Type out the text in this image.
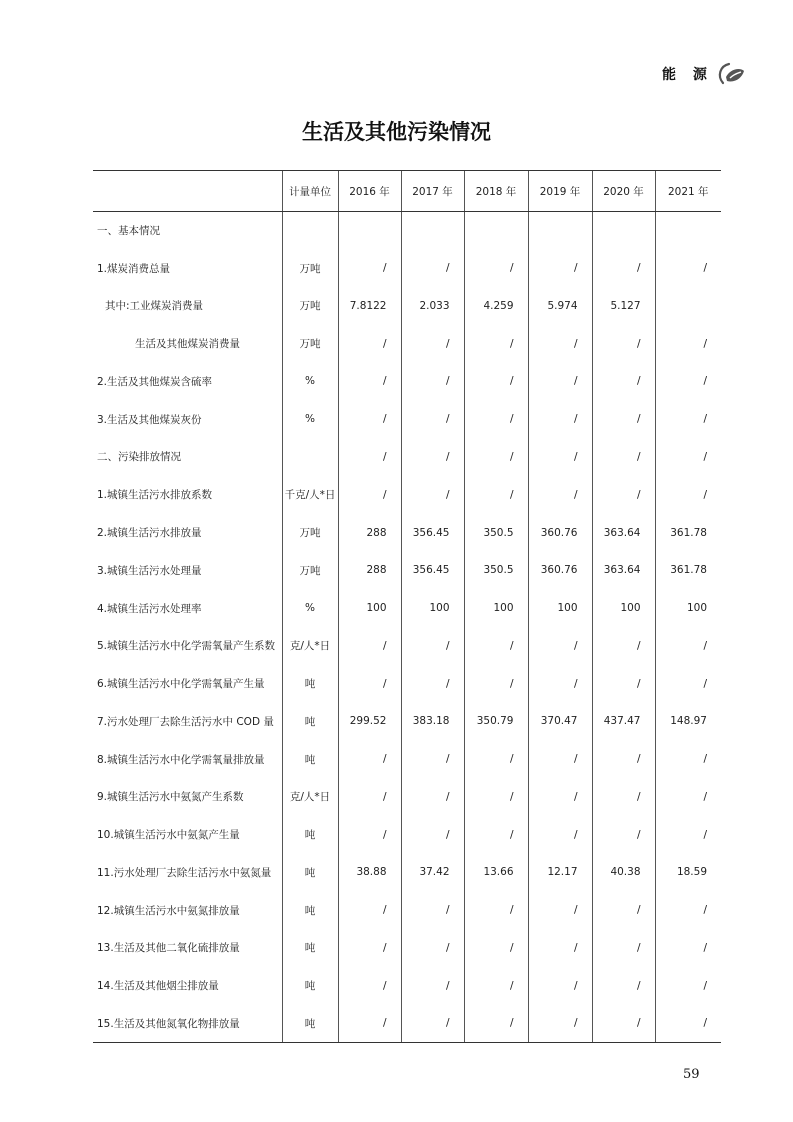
能 源
生活及其他污染情况
	计量单位	2016 年	2017 年	2018 年	2019 年	2020 年	2021 年
一、基本情况							
1.煤炭消费总量	万吨	/	/	/	/	/	/
其中:工业煤炭消费量	万吨	7.8122	2.033	4.259	5.974	5.127	
生活及其他煤炭消费量	万吨	/	/	/	/	/	/
2.生活及其他煤炭含硫率	%	/	/	/	/	/	/
3.生活及其他煤炭灰份	%	/	/	/	/	/	/
二、污染排放情况		/	/	/	/	/	/
1.城镇生活污水排放系数	千克/人*日	/	/	/	/	/	/
2.城镇生活污水排放量	万吨	288	356.45	350.5	360.76	363.64	361.78
3.城镇生活污水处理量	万吨	288	356.45	350.5	360.76	363.64	361.78
4.城镇生活污水处理率	%	100	100	100	100	100	100
5.城镇生活污水中化学需氧量产生系数	克/人*日	/	/	/	/	/	/
6.城镇生活污水中化学需氧量产生量	吨	/	/	/	/	/	/
7.污水处理厂去除生活污水中 COD 量	吨	299.52	383.18	350.79	370.47	437.47	148.97
8.城镇生活污水中化学需氧量排放量	吨	/	/	/	/	/	/
9.城镇生活污水中氨氮产生系数	克/人*日	/	/	/	/	/	/
10.城镇生活污水中氨氮产生量	吨	/	/	/	/	/	/
11.污水处理厂去除生活污水中氨氮量	吨	38.88	37.42	13.66	12.17	40.38	18.59
12.城镇生活污水中氨氮排放量	吨	/	/	/	/	/	/
13.生活及其他二氧化硫排放量	吨	/	/	/	/	/	/
14.生活及其他烟尘排放量	吨	/	/	/	/	/	/
15.生活及其他氮氧化物排放量	吨	/	/	/	/	/	/
59
